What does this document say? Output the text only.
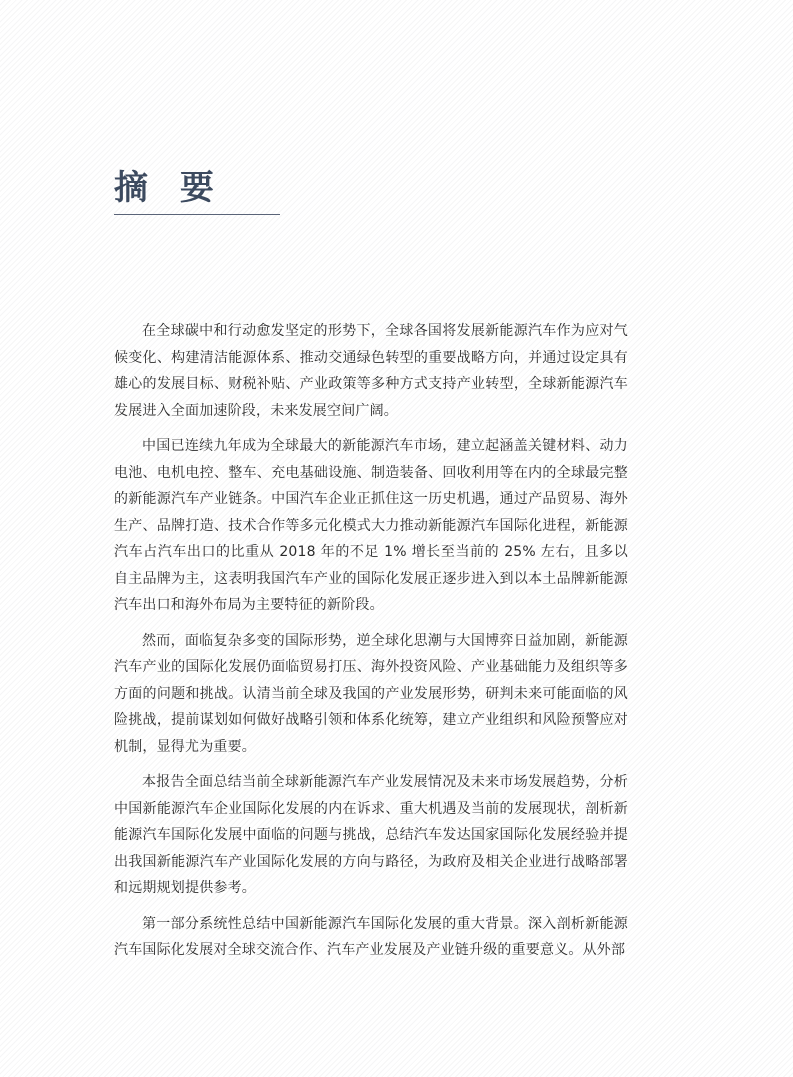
摘 要

在全球碳中和行动愈发坚定的形势下，全球各国将发展新能源汽车作为应对气候变化、构建清洁能源体系、推动交通绿色转型的重要战略方向，并通过设定具有雄心的发展目标、财税补贴、产业政策等多种方式支持产业转型，全球新能源汽车发展进入全面加速阶段，未来发展空间广阔。

中国已连续九年成为全球最大的新能源汽车市场，建立起涵盖关键材料、动力电池、电机电控、整车、充电基础设施、制造装备、回收利用等在内的全球最完整的新能源汽车产业链条。中国汽车企业正抓住这一历史机遇，通过产品贸易、海外生产、品牌打造、技术合作等多元化模式大力推动新能源汽车国际化进程，新能源汽车占汽车出口的比重从 2018 年的不足 1% 增长至当前的 25% 左右，且多以自主品牌为主，这表明我国汽车产业的国际化发展正逐步进入到以本土品牌新能源汽车出口和海外布局为主要特征的新阶段。

然而，面临复杂多变的国际形势，逆全球化思潮与大国博弈日益加剧，新能源汽车产业的国际化发展仍面临贸易打压、海外投资风险、产业基础能力及组织等多方面的问题和挑战。认清当前全球及我国的产业发展形势，研判未来可能面临的风险挑战，提前谋划如何做好战略引领和体系化统筹，建立产业组织和风险预警应对机制，显得尤为重要。

本报告全面总结当前全球新能源汽车产业发展情况及未来市场发展趋势，分析中国新能源汽车企业国际化发展的内在诉求、重大机遇及当前的发展现状，剖析新能源汽车国际化发展中面临的问题与挑战，总结汽车发达国家国际化发展经验并提出我国新能源汽车产业国际化发展的方向与路径，为政府及相关企业进行战略部署和远期规划提供参考。

第一部分系统性总结中国新能源汽车国际化发展的重大背景。深入剖析新能源汽车国际化发展对全球交流合作、汽车产业发展及产业链升级的重要意义。从外部
